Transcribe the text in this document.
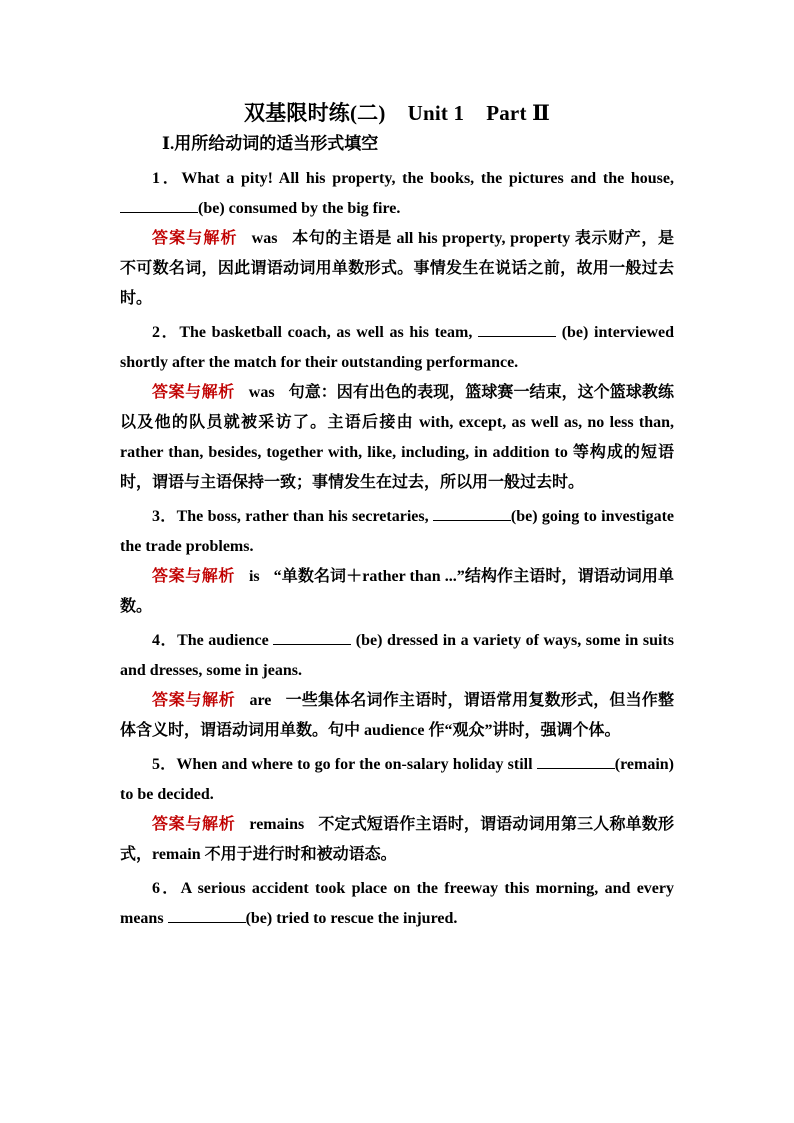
双基限时练(二) Unit 1 Part Ⅱ
Ⅰ.用所给动词的适当形式填空

1．What a pity! All his property, the books, the pictures and the house, (be) consumed by the big fire.

答案与解析 was 本句的主语是 all his property, property 表示财产，是不可数名词，因此谓语动词用单数形式。事情发生在说话之前，故用一般过去时。

2．The basketball coach, as well as his team,	(be) interviewed shortly after the match for their outstanding performance.

答案与解析 was 句意：因有出色的表现，篮球赛一结束，这个篮球教练以及他的队员就被采访了。主语后接由 with, except, as well as, no less than, rather than, besides, together with, like, including, in addition to 等构成的短语时，谓语与主语保持一致；事情发生在过去，所以用一般过去时。

3．The boss, rather than his secretaries,	(be) going to investigate the trade problems.

答案与解析 is “单数名词＋rather than ...”结构作主语时，谓语动词用单数。

4．The audience	(be) dressed in a variety of ways, some in suits and dresses, some in jeans.

答案与解析 are 一些集体名词作主语时，谓语常用复数形式，但当作整体含义时，谓语动词用单数。句中 audience 作“观众”讲时，强调个体。

5．When and where to go for the on-salary holiday still	(remain) to be decided.

答案与解析 remains 不定式短语作主语时，谓语动词用第三人称单数形式，remain 不用于进行时和被动语态。

6．A serious accident took place on the freeway this morning, and every means	(be) tried to rescue the injured.
